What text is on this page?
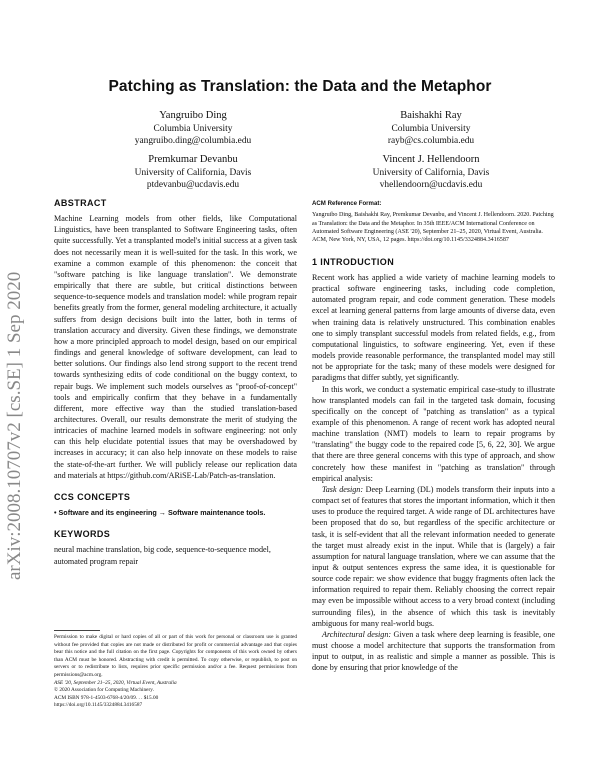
Patching as Translation: the Data and the Metaphor
Yangruibo Ding
Columbia University
yangruibo.ding@columbia.edu
Baishakhi Ray
Columbia University
rayb@cs.columbia.edu
Premkumar Devanbu
University of California, Davis
ptdevanbu@ucdavis.edu
Vincent J. Hellendoorn
University of California, Davis
vhellendoorn@ucdavis.edu
arXiv:2008.10707v2 [cs.SE] 1 Sep 2020
ABSTRACT

Machine Learning models from other fields, like Computational Linguistics, have been transplanted to Software Engineering tasks, often quite successfully. Yet a transplanted model's initial success at a given task does not necessarily mean it is well-suited for the task. In this work, we examine a common example of this phenomenon: the conceit that "software patching is like language translation". We demonstrate empirically that there are subtle, but critical distinctions between sequence-to-sequence models and translation model: while program repair benefits greatly from the former, general modeling architecture, it actually suffers from design decisions built into the latter, both in terms of translation accuracy and diversity. Given these findings, we demonstrate how a more principled approach to model design, based on our empirical findings and general knowledge of software development, can lead to better solutions. Our findings also lend strong support to the recent trend towards synthesizing edits of code conditional on the buggy context, to repair bugs. We implement such models ourselves as "proof-of-concept" tools and empirically confirm that they behave in a fundamentally different, more effective way than the studied translation-based architectures. Overall, our results demonstrate the merit of studying the intricacies of machine learned models in software engineering: not only can this help elucidate potential issues that may be overshadowed by increases in accuracy; it can also help innovate on these models to raise the state-of-the-art further. We will publicly release our replication data and materials at https://github.com/ARiSE-Lab/Patch-as-translation.

CCS CONCEPTS

• Software and its engineering → Software maintenance tools.

KEYWORDS

neural machine translation, big code, sequence-to-sequence model, automated program repair

Permission to make digital or hard copies of all or part of this work for personal or classroom use is granted without fee provided that copies are not made or distributed for profit or commercial advantage and that copies bear this notice and the full citation on the first page. Copyrights for components of this work owned by others than ACM must be honored. Abstracting with credit is permitted. To copy otherwise, or republish, to post on servers or to redistribute to lists, requires prior specific permission and/or a fee. Request permissions from permissions@acm.org.

ASE '20, September 21–25, 2020, Virtual Event, Australia
© 2020 Association for Computing Machinery.
ACM ISBN 978-1-4503-6768-4/20/09. . . $15.00
https://doi.org/10.1145/3324884.3416587
ACM Reference Format:

Yangruibo Ding, Baishakhi Ray, Premkumar Devanbu, and Vincent J. Hellendoorn. 2020. Patching as Translation: the Data and the Metaphor. In 35th IEEE/ACM International Conference on Automated Software Engineering (ASE '20), September 21–25, 2020, Virtual Event, Australia. ACM, New York, NY, USA, 12 pages. https://doi.org/10.1145/3324884.3416587

1 INTRODUCTION

Recent work has applied a wide variety of machine learning models to practical software engineering tasks, including code completion, automated program repair, and code comment generation. These models excel at learning general patterns from large amounts of diverse data, even when training data is relatively unstructured. This combination enables one to simply transplant successful models from related fields, e.g., from computational linguistics, to software engineering. Yet, even if these models provide reasonable performance, the transplanted model may still not be appropriate for the task; many of these models were designed for paradigms that differ subtly, yet significantly.

In this work, we conduct a systematic empirical case-study to illustrate how transplanted models can fail in the targeted task domain, focusing specifically on the concept of "patching as translation" as a typical example of this phenomenon. A range of recent work has adopted neural machine translation (NMT) models to learn to repair programs by "translating" the buggy code to the repaired code [5, 6, 22, 30]. We argue that there are three general concerns with this type of approach, and show concretely how these manifest in "patching as translation" through empirical analysis:

Task design: Deep Learning (DL) models transform their inputs into a compact set of features that stores the important information, which it then uses to produce the required target. A wide range of DL architectures have been proposed that do so, but regardless of the specific architecture or task, it is self-evident that all the relevant information needed to generate the target must already exist in the input. While that is (largely) a fair assumption for natural language translation, where we can assume that the input & output sentences express the same idea, it is questionable for source code repair: we show evidence that buggy fragments often lack the information required to repair them. Reliably choosing the correct repair may even be impossible without access to a very broad context (including surrounding files), in the absence of which this task is inevitably ambiguous for many real-world bugs.

Architectural design: Given a task where deep learning is feasible, one must choose a model architecture that supports the transformation from input to output, in as realistic and simple a manner as possible. This is done by ensuring that prior knowledge of the
